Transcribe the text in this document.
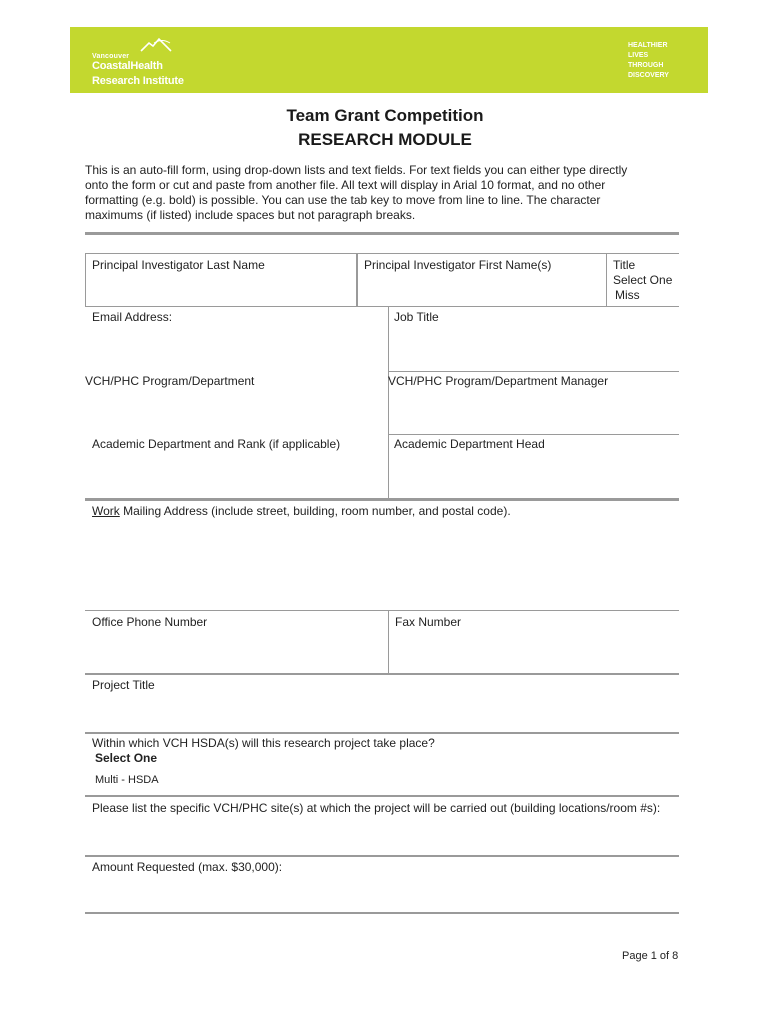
Vancouver
CoastalHealth
Research Institute
HEALTHIER
LIVES
THROUGH
DISCOVERY
Team Grant Competition
RESEARCH MODULE
This is an auto-fill form, using drop-down lists and text fields. For text fields you can either type directly
onto the form or cut and paste from another file. All text will display in Arial 10 format, and no other
formatting (e.g. bold) is possible. You can use the tab key to move from line to line. The character
maximums (if listed) include spaces but not paragraph breaks.
Principal Investigator Last Name	Principal Investigator First Name(s)	Title
Select One
Miss
Email Address:	Job Title
VCH/PHC Program/Department	VCH/PHC Program/Department Manager
Academic Department and Rank (if applicable)	Academic Department Head
Work Mailing Address (include street, building, room number, and postal code).
Office Phone Number	Fax Number
Project Title
Within which VCH HSDA(s) will this research project take place?
Select One
Multi - HSDA
Please list the specific VCH/PHC site(s) at which the project will be carried out (building locations/room #s):
Amount Requested (max. $30,000):
Page 1 of 8
